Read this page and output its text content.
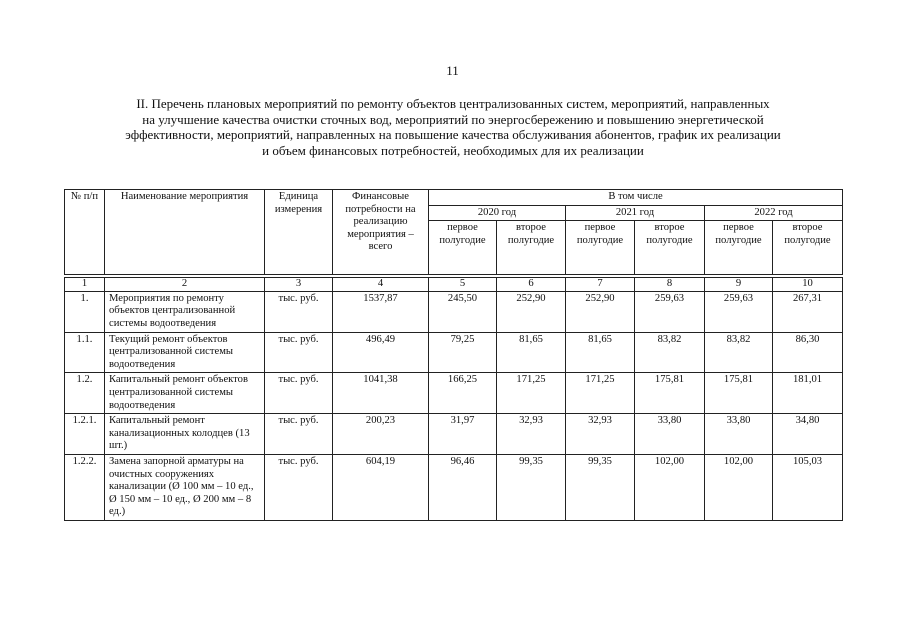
11
II. Перечень плановых мероприятий по ремонту объектов централизованных систем, мероприятий, направленных
на улучшение качества очистки сточных вод, мероприятий по энергосбережению и повышению энергетической
эффективности, мероприятий, направленных на повышение качества обслуживания абонентов, график их реализации
и объем финансовых потребностей, необходимых для их реализации
№ п/п	Наименование мероприятия	Единица измерения	Финансовые потребности на реализацию мероприятия – всего	В том числе					
				2020 год		2021 год		2022 год	
				первое полугодие	второе полугодие	первое полугодие	второе полугодие	первое полугодие	второе полугодие

1	2	3	4	5	6	7	8	9	10
1.	Мероприятия по ремонту объектов централизованной системы водоотведения	тыс. руб.	1537,87	245,50	252,90	252,90	259,63	259,63	267,31
1.1.	Текущий ремонт объектов централизованной системы водоотведения	тыс. руб.	496,49	79,25	81,65	81,65	83,82	83,82	86,30
1.2.	Капитальный ремонт объектов централизованной системы водоотведения	тыс. руб.	1041,38	166,25	171,25	171,25	175,81	175,81	181,01
1.2.1.	Капитальный ремонт канализационных колодцев (13 шт.)	тыс. руб.	200,23	31,97	32,93	32,93	33,80	33,80	34,80
1.2.2.	Замена запорной арматуры на очистных сооружениях канализации (Ø 100 мм – 10 ед., Ø 150 мм – 10 ед., Ø 200 мм – 8 ед.)	тыс. руб.	604,19	96,46	99,35	99,35	102,00	102,00	105,03
